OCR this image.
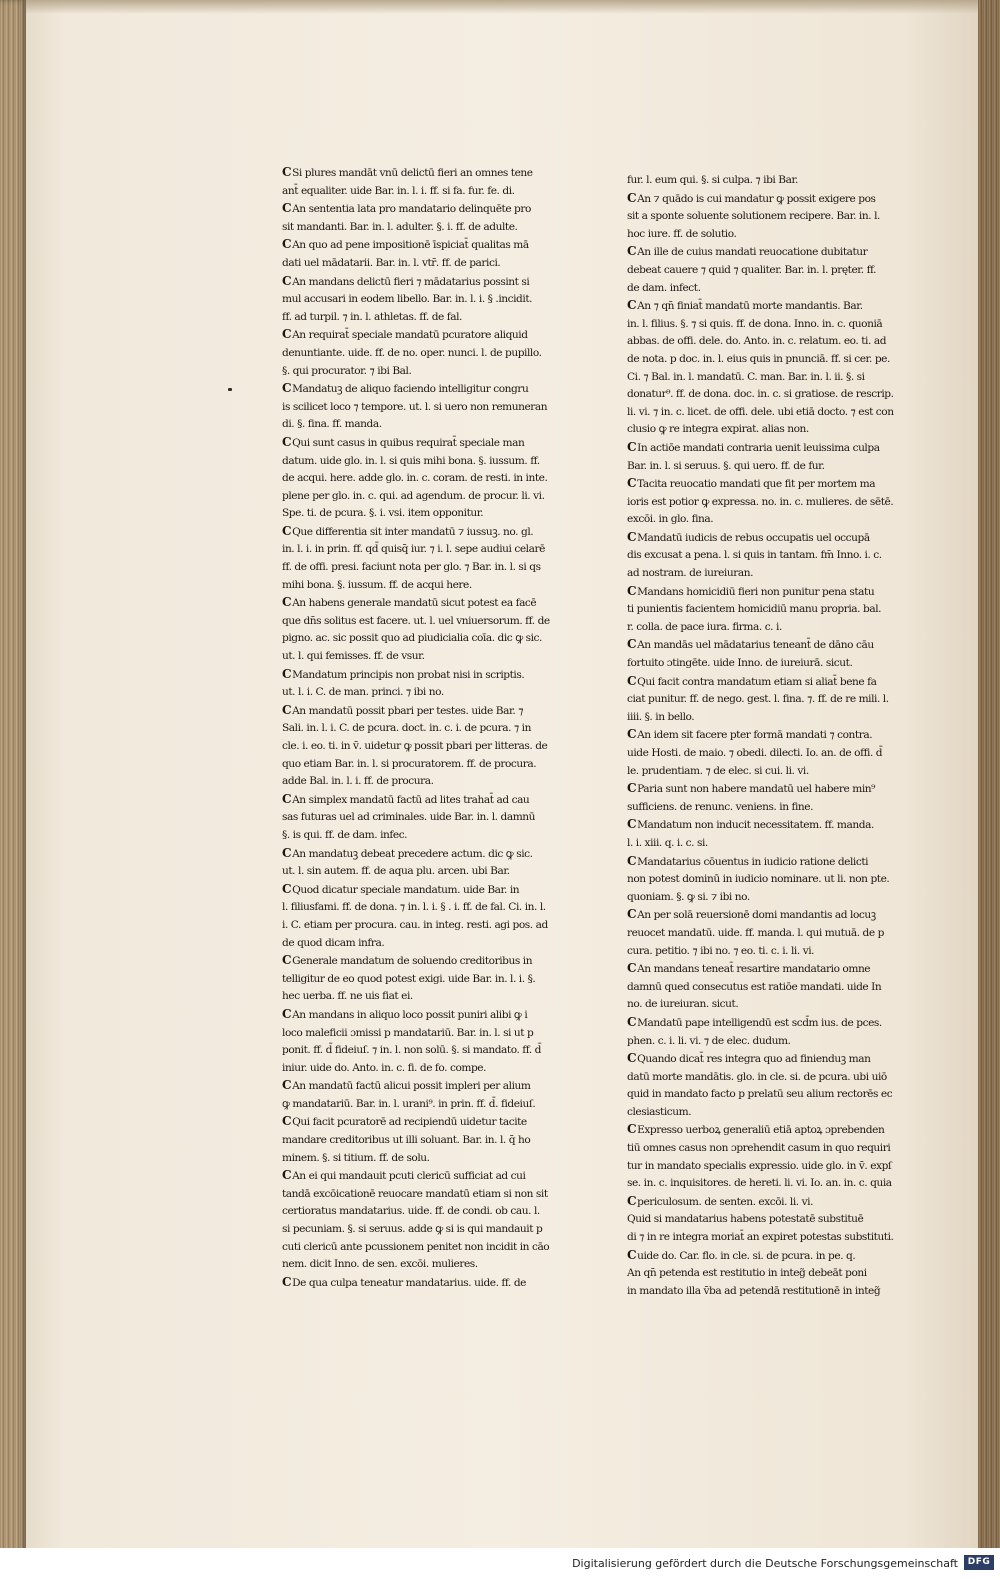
CSi plures mandāt vnū delictū fieri an omnes tene
ant̄ equaliter. uide Bar. in. l. i. ff. si fa. fur. fe. di.
CAn sententia lata pro mandatario delinquēte pro
sit mandanti. Bar. in. l. adulter. §. i. ff. de adulte.
CAn quo ad pene impositionē īspiciat̄ qualitas mā
dati uel mādatarii. Bar. in. l. vtr̄. ff. de parici.
CAn mandans delictū fieri ⁊ mādatarius possint si
mul accusari in eodem libello. Bar. in. l. i. § .incidit.
ff. ad turpil. ⁊ in. l. athletas. ff. de fal.
CAn requirat̄ speciale mandatū pcuratore aliquid
denuntiante. uide. ff. de no. oper. nunci. l. de pupillo.
§. qui procurator. ⁊ ibi Bal.
CMandatuꝫ de aliquo faciendo intelligitur congru
is scilicet loco ⁊ tempore. ut. l. si uero non remuneran
di. §. fina. ff. manda.
CQui sunt casus in quibus requirat̄ speciale man
datum. uide glo. in. l. si quis mihi bona. §. iussum. ff.
de acqui. here. adde glo. in. c. coram. de resti. in inte.
plene per glo. in. c. qui. ad agendum. de procur. li. vi.
Spe. ti. de pcura. §. i. vsi. item opponitur.
CQue differentia sit inter mandatū ⁊ iussuꝫ. no. gl.
in. l. i. in prin. ff. qd̄ quisq̄ iur. ⁊ i. l. sepe audiui celarē
ff. de offi. presi. faciunt nota per glo. ⁊ Bar. in. l. si qs
mihi bona. §. iussum. ff. de acqui here.
CAn habens generale mandatū sicut potest ea facē
que dn̄s solitus est facere. ut. l. uel vniuersorum. ff. de
pigno. ac. sic possit quo ad piudicialia coīa. dic ꝙ sic.
ut. l. qui femisses. ff. de vsur.
CMandatum principis non probat nisi in scriptis.
ut. l. i. C. de man. princi. ⁊ ibi no.
CAn mandatū possit pbari per testes. uide Bar. ⁊
Sali. in. l. i. C. de pcura. doct. in. c. i. de pcura. ⁊ in
cle. i. eo. ti. in v̄. uidetur ꝙ possit pbari per litteras. de
quo etiam Bar. in. l. si procuratorem. ff. de procura.
adde Bal. in. l. i. ff. de procura.
CAn simplex mandatū factū ad lites trahat̄ ad cau
sas futuras uel ad criminales. uide Bar. in. l. damnū
§. is qui. ff. de dam. infec.
CAn mandatuꝫ debeat precedere actum. dic ꝙ sic.
ut. l. sin autem. ff. de aqua plu. arcen. ubi Bar.
CQuod dicatur speciale mandatum. uide Bar. in
l. filiusfami. ff. de dona. ⁊ in. l. i. § . i. ff. de fal. Ci. in. l.
i. C. etiam per procura. cau. in integ. resti. agi pos. ad
de quod dicam infra.
CGenerale mandatum de soluendo creditoribus in
telligitur de eo quod potest exigi. uide Bar. in. l. i. §.
hec uerba. ff. ne uis fiat ei.
CAn mandans in aliquo loco possit puniri alibi ꝙ i
loco maleficii ɔmissi p mandatariū. Bar. in. l. si ut p
ponit. ff. d̄ fideiuſ. ⁊ in. l. non solū. §. si mandato. ff. d̄
iniur. uide do. Anto. in. c. fi. de fo. compe.
CAn mandatū factū alicui possit impleri per alium
ꝙ mandatariū. Bar. in. l. urani⁹. in prin. ff. d̄. fideiuſ.
CQui facit pcuratorē ad recipiendū uidetur tacite
mandare creditoribus ut illi soluant. Bar. in. l. q̄ ho
minem. §. si titium. ff. de solu.
CAn ei qui mandauit pcuti clericū sufficiat ad cui
tandā excōicationē reuocare mandatū etiam si non sit
certioratus mandatarius. uide. ff. de condi. ob cau. l.
si pecuniam. §. si seruus. adde ꝙ si is qui mandauit p
cuti clericū ante pcussionem penitet non incidit in cāo
nem. dicit Inno. de sen. excōi. mulieres.
CDe qua culpa teneatur mandatarius. uide. ff. de
fur. l. eum qui. §. si culpa. ⁊ ibi Bar.
CAn ⁊ quādo is cui mandatur ꝙ possit exigere pos
sit a sponte soluente solutionem recipere. Bar. in. l.
hoc iure. ff. de solutio.
CAn ille de cuius mandati reuocatione dubitatur
debeat cauere ⁊ quid ⁊ qualiter. Bar. in. l. pręter. ff.
de dam. infect.
CAn ⁊ qn̄ finiat̄ mandatū morte mandantis. Bar.
in. l. filius. §. ⁊ si quis. ff. de dona. Inno. in. c. quoniā
abbas. de offi. dele. do. Anto. in. c. relatum. eo. ti. ad
de nota. p doc. in. l. eius quis in pnunciā. ff. si cer. pe.
Ci. ⁊ Bal. in. l. mandatū. C. man. Bar. in. l. ii. §. si
donatur⁹. ff. de dona. doc. in. c. si gratiose. de rescrip.
li. vi. ⁊ in. c. licet. de offi. dele. ubi etiā docto. ⁊ est con
clusio ꝙ re integra expirat. alias non.
CIn actiōe mandati contraria uenit leuissima culpa
Bar. in. l. si seruus. §. qui uero. ff. de fur.
CTacita reuocatio mandati que fit per mortem ma
ioris est potior ꝙ expressa. no. in. c. mulieres. de sētē.
excōi. in glo. fina.
CMandatū iudicis de rebus occupatis uel occupā
dis excusat a pena. l. si quis in tantam. fm̄ Inno. i. c.
ad nostram. de iureiuran.
CMandans homicidiū fieri non punitur pena statu
ti punientis facientem homicidiū manu propria. bal.
r. colla. de pace iura. firma. c. i.
CAn mandās uel mādatarius teneant̄ de dāno cāu
fortuito ɔtingēte. uide Inno. de iureiurā. sicut.
CQui facit contra mandatum etiam si aliat̄ bene fa
ciat punitur. ff. de nego. gest. l. fina. ⁊. ff. de re mili. l.
iiii. §. in bello.
CAn idem sit facere pter formā mandati ⁊ contra.
uide Hosti. de maio. ⁊ obedi. dilecti. Io. an. de offi. d̄
le. prudentiam. ⁊ de elec. si cui. li. vi.
CParia sunt non habere mandatū uel habere min⁹
sufficiens. de renunc. veniens. in fine.
CMandatum non inducit necessitatem. ff. manda.
l. i. xiii. q. i. c. si.
CMandatarius cōuentus in iudicio ratione delicti
non potest dominū in iudicio nominare. ut li. non pte.
quoniam. §. ꝙ si. ⁊ ibi no.
CAn per solā reuersionē domi mandantis ad locuꝫ
reuocet mandatū. uide. ff. manda. l. qui mutuā. de p
cura. petitio. ⁊ ibi no. ⁊ eo. ti. c. i. li. vi.
CAn mandans teneat̄ resartire mandatario omne
damnū qued consecutus est ratiōe mandati. uide In
no. de iureiuran. sicut.
CMandatū pape intelligendū est scd̄m ius. de pces.
phen. c. i. li. vi. ⁊ de elec. dudum.
CQuando dicat̄ res integra quo ad finienduꝫ man
datū morte mandātis. glo. in cle. si. de pcura. ubi uiō
quid in mandato facto p prelatū seu alium rectorēs ec
clesiasticum.
CExpresso uerboꝝ generaliū etiā aptoꝝ ɔprebenden
tiū omnes casus non ɔprehendit casum in quo requiri
tur in mandato specialis expressio. uide glo. in v̄. expſ
se. in. c. inquisitores. de hereti. li. vi. Io. an. in. c. quia
Cpericulosum. de senten. excōi. li. vi.
Quid si mandatarius habens potestatē substituē
di ⁊ in re integra moriat̄ an expiret potestas substituti.
Cuide do. Car. flo. in cle. si. de pcura. in pe. q.
An qn̄ petenda est restitutio in integ̃ debeāt poni
in mandato illa v̄ba ad petendā restitutionē in integ̃
Digitalisierung gefördert durch die Deutsche Forschungsgemeinschaft	DFG
